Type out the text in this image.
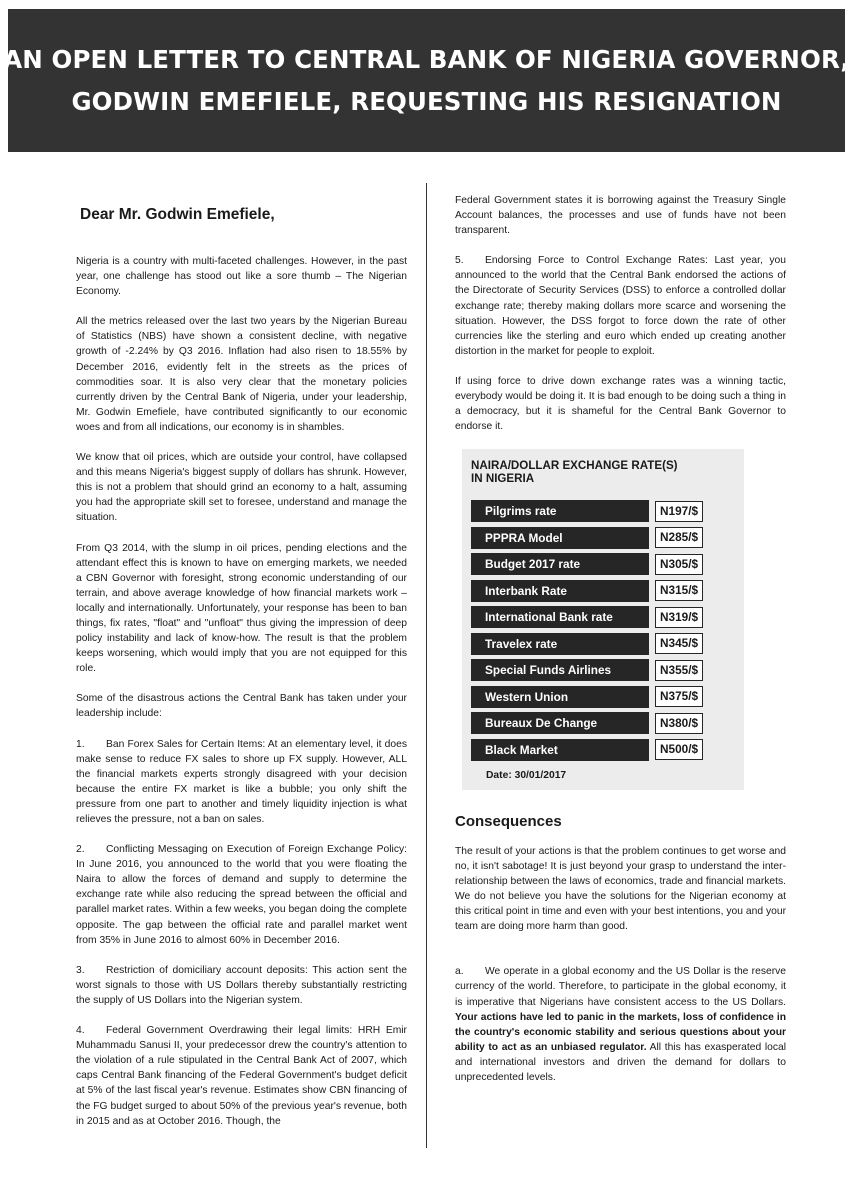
AN OPEN LETTER TO CENTRAL BANK OF NIGERIA GOVERNOR,
GODWIN EMEFIELE, REQUESTING HIS RESIGNATION

Dear Mr. Godwin Emefiele,

Nigeria is a country with multi-faceted challenges. However, in the past year, one challenge has stood out like a sore thumb – The Nigerian Economy.

All the metrics released over the last two years by the Nigerian Bureau of Statistics (NBS) have shown a consistent decline, with negative growth of -2.24% by Q3 2016. Inflation had also risen to 18.55% by December 2016, evidently felt in the streets as the prices of commodities soar. It is also very clear that the monetary policies currently driven by the Central Bank of Nigeria, under your leadership, Mr. Godwin Emefiele, have contributed significantly to our economic woes and from all indications, our economy is in shambles.

We know that oil prices, which are outside your control, have collapsed and this means Nigeria's biggest supply of dollars has shrunk. However, this is not a problem that should grind an economy to a halt, assuming you had the appropriate skill set to foresee, understand and manage the situation.

From Q3 2014, with the slump in oil prices, pending elections and the attendant effect this is known to have on emerging markets, we needed a CBN Governor with foresight, strong economic understanding of our terrain, and above average knowledge of how financial markets work – locally and internationally. Unfortunately, your response has been to ban things, fix rates, "float" and "unfloat" thus giving the impression of deep policy instability and lack of know-how. The result is that the problem keeps worsening, which would imply that you are not equipped for this role.

Some of the disastrous actions the Central Bank has taken under your leadership include:

1. Ban Forex Sales for Certain Items: At an elementary level, it does make sense to reduce FX sales to shore up FX supply. However, ALL the financial markets experts strongly disagreed with your decision because the entire FX market is like a bubble; you only shift the pressure from one part to another and timely liquidity injection is what relieves the pressure, not a ban on sales.

2. Conflicting Messaging on Execution of Foreign Exchange Policy: In June 2016, you announced to the world that you were floating the Naira to allow the forces of demand and supply to determine the exchange rate while also reducing the spread between the official and parallel market rates. Within a few weeks, you began doing the complete opposite. The gap between the official rate and parallel market went from 35% in June 2016 to almost 60% in December 2016.

3. Restriction of domiciliary account deposits: This action sent the worst signals to those with US Dollars thereby substantially restricting the supply of US Dollars into the Nigerian system.

4. Federal Government Overdrawing their legal limits: HRH Emir Muhammadu Sanusi II, your predecessor drew the country's attention to the violation of a rule stipulated in the Central Bank Act of 2007, which caps Central Bank financing of the Federal Government's budget deficit at 5% of the last fiscal year's revenue. Estimates show CBN financing of the FG budget surged to about 50% of the previous year's revenue, both in 2015 and as at October 2016. Though, the

Federal Government states it is borrowing against the Treasury Single Account balances, the processes and use of funds have not been transparent.

5. Endorsing Force to Control Exchange Rates: Last year, you announced to the world that the Central Bank endorsed the actions of the Directorate of Security Services (DSS) to enforce a controlled dollar exchange rate; thereby making dollars more scarce and worsening the situation. However, the DSS forgot to force down the rate of other currencies like the sterling and euro which ended up creating another distortion in the market for people to exploit.

If using force to drive down exchange rates was a winning tactic, everybody would be doing it. It is bad enough to be doing such a thing in a democracy, but it is shameful for the Central Bank Governor to endorse it.

NAIRA/DOLLAR EXCHANGE RATE(S)
IN NIGERIA
Pilgrims rate	N197/$
PPPRA Model	N285/$
Budget 2017 rate	N305/$
Interbank Rate	N315/$
International Bank rate	N319/$
Travelex rate	N345/$
Special Funds Airlines	N355/$
Western Union	N375/$
Bureaux De Change	N380/$
Black Market	N500/$
Date: 30/01/2017

Consequences

The result of your actions is that the problem continues to get worse and no, it isn't sabotage! It is just beyond your grasp to understand the inter-relationship between the laws of economics, trade and financial markets. We do not believe you have the solutions for the Nigerian economy at this critical point in time and even with your best intentions, you and your team are doing more harm than good.

a. We operate in a global economy and the US Dollar is the reserve currency of the world. Therefore, to participate in the global economy, it is imperative that Nigerians have consistent access to the US Dollars. Your actions have led to panic in the markets, loss of confidence in the country's economic stability and serious questions about your ability to act as an unbiased regulator. All this has exasperated local and international investors and driven the demand for dollars to unprecedented levels.
